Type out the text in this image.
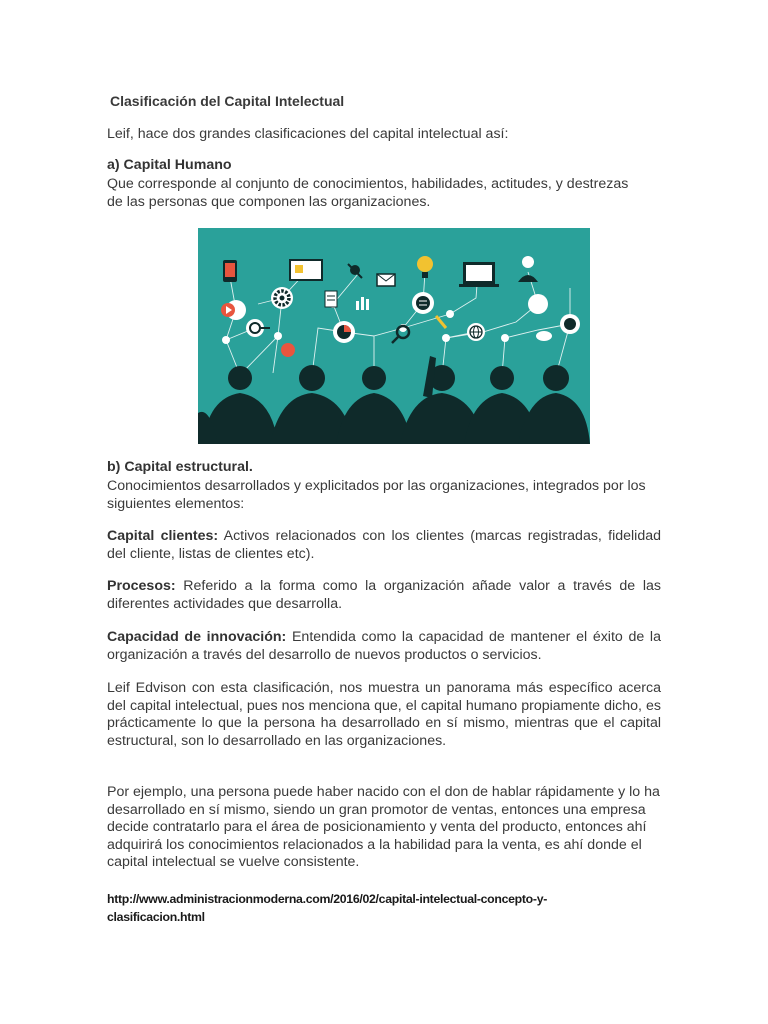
Clasificación del Capital Intelectual

Leif, hace dos grandes clasificaciones del capital intelectual así:

a) Capital Humano

Que corresponde al conjunto de conocimientos, habilidades, actitudes, y destrezas

de las personas que componen las organizaciones.

b) Capital estructural.

Conocimientos desarrollados y explicitados por las organizaciones, integrados por los siguientes elementos:

Capital clientes: Activos relacionados con los clientes (marcas registradas, fidelidad del cliente, listas de clientes etc).

Procesos: Referido a la forma como la organización añade valor a través de las diferentes actividades que desarrolla.

Capacidad de innovación: Entendida como la capacidad de mantener el éxito de la organización a través del desarrollo de nuevos productos o servicios.

Leif Edvison con esta clasificación, nos muestra un panorama más específico acerca del capital intelectual, pues nos menciona que, el capital humano propiamente dicho, es prácticamente lo que la persona ha desarrollado en sí mismo, mientras que el capital estructural, son lo desarrollado en las organizaciones.

Por ejemplo, una persona puede haber nacido con el don de hablar rápidamente y lo ha desarrollado en sí mismo, siendo un gran promotor de ventas, entonces una empresa decide contratarlo para el área de posicionamiento y venta del producto, entonces ahí adquirirá los conocimientos relacionados a la habilidad para la venta, es ahí donde el capital intelectual se vuelve consistente.

http://www.administracionmoderna.com/2016/02/capital-intelectual-concepto-y-clasificacion.html
